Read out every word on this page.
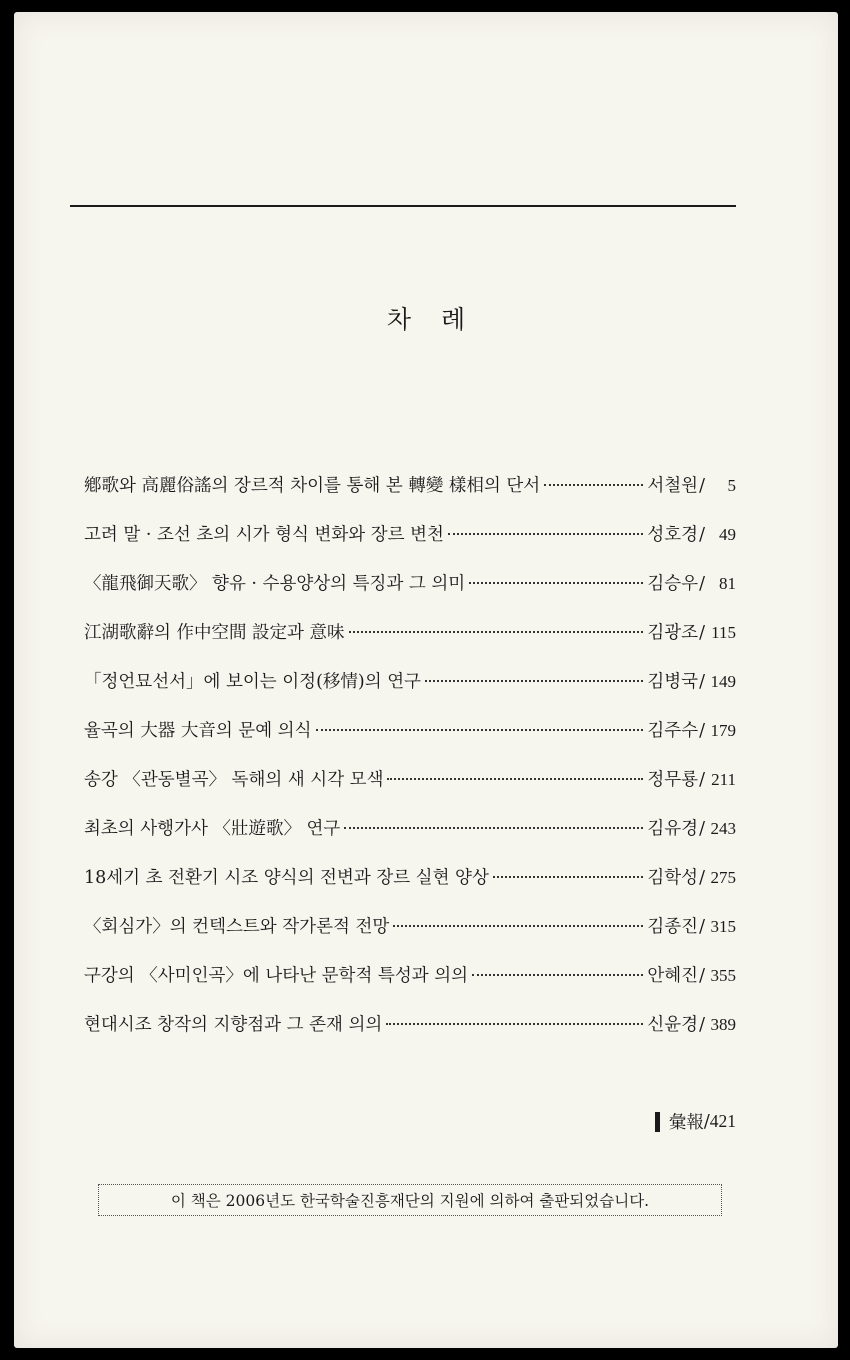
차 례
鄕歌와 高麗俗謠의 장르적 차이를 통해 본 轉變 樣相의 단서	서철원 /	5
고려 말 · 조선 초의 시가 형식 변화와 장르 변천	성호경 / 49
〈龍飛御天歌〉 향유 · 수용양상의 특징과 그 의미	김승우 / 81
江湖歌辭의 作中空間 設定과 意味	김광조 / 115
「정언묘선서」에 보이는 이정(移情)의 연구	김병국 / 149
율곡의 大器 大音의 문예 의식	김주수 / 179
송강 〈관동별곡〉 독해의 새 시각 모색	정무룡 / 211
최초의 사행가사 〈壯遊歌〉 연구	김유경 / 243
18세기 초 전환기 시조 양식의 전변과 장르 실현 양상	김학성 / 275
〈회심가〉의 컨텍스트와 작가론적 전망	김종진 / 315
구강의 〈사미인곡〉에 나타난 문학적 특성과 의의	안혜진 / 355
현대시조 창작의 지향점과 그 존재 의의	신윤경 / 389
彙報 / 421
이 책은 2006년도 한국학술진흥재단의 지원에 의하여 출판되었습니다.
